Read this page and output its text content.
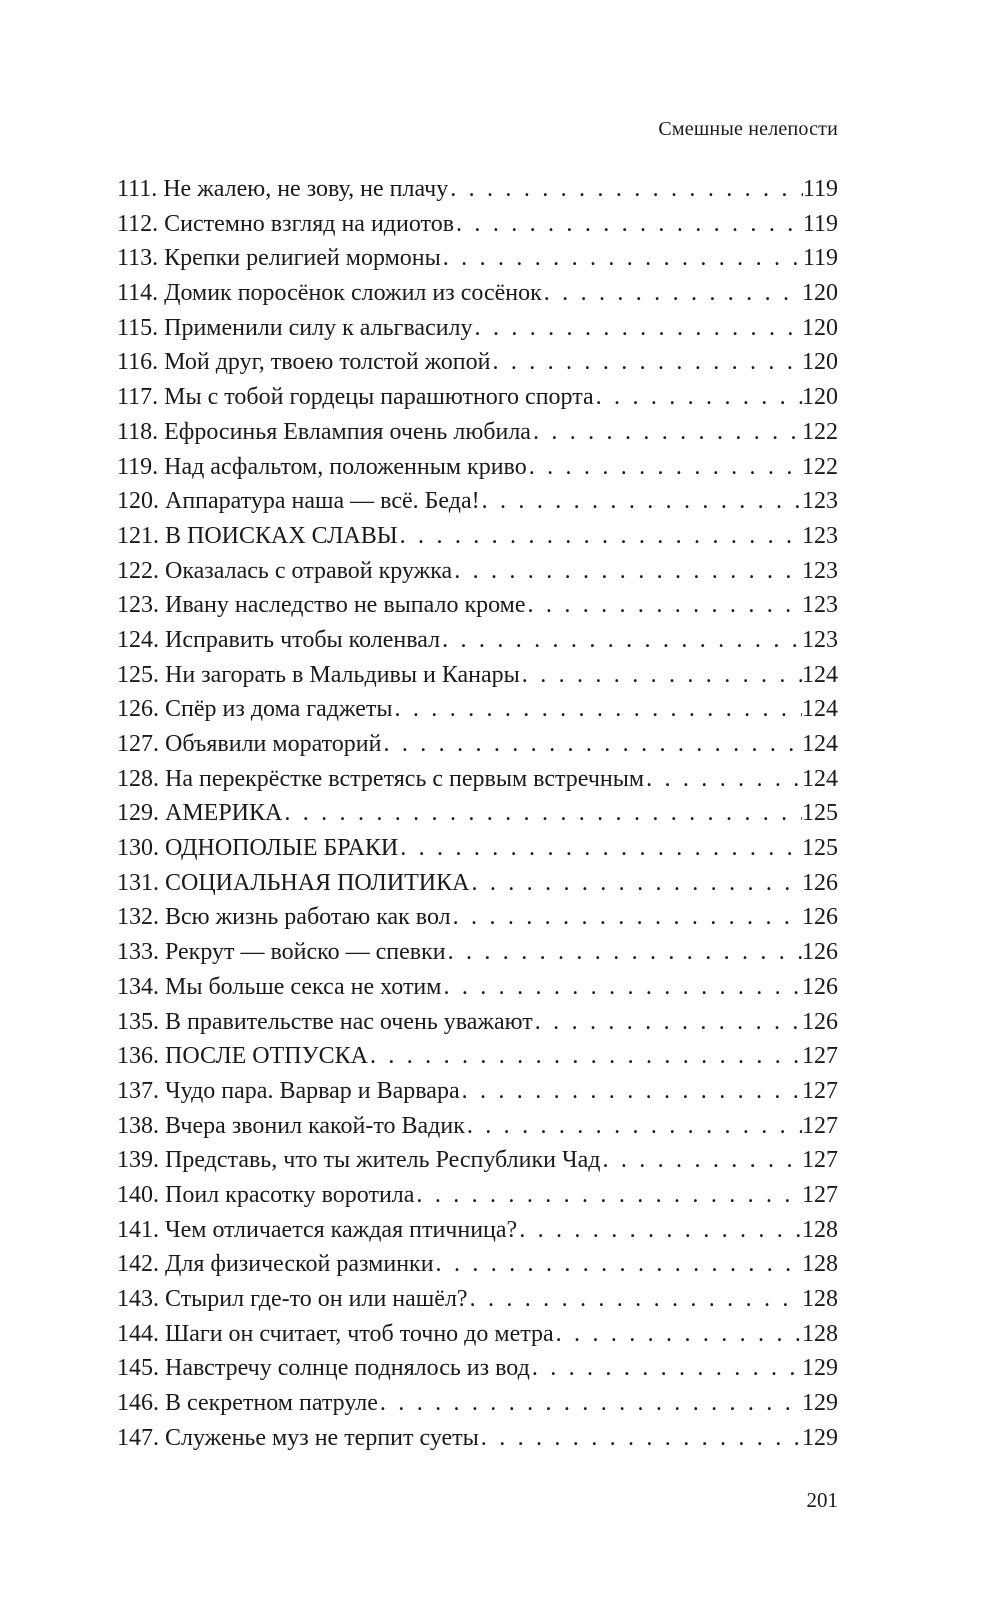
Смешные нелепости
111. Не жалею, не зову, не плачу . . .	119
112. Системно взгляд на идиотов . . .	119
113. Крепки религией мормоны . . .	119
114. Домик поросёнок сложил из сосёнок . . .	120
115. Применили силу к альгвасилу . . .	120
116. Мой друг, твоею толстой жопой . . .	120
117. Мы с тобой гордецы парашютного спорта . . .	120
118. Ефросинья Евлампия очень любила . . .	122
119. Над асфальтом, положенным криво . . .	122
120. Аппаратура наша — всё. Беда! . . .	123
121. В ПОИСКАХ СЛАВЫ . . .	123
122. Оказалась с отравой кружка . . .	123
123. Ивану наследство не выпало кроме . . .	123
124. Исправить чтобы коленвал . . .	123
125. Ни загорать в Мальдивы и Канары . . .	124
126. Спёр из дома гаджеты . . .	124
127. Объявили мораторий . . .	124
128. На перекрёстке встретясь с первым встречным . . .	124
129. АМЕРИКА . . .	125
130. ОДНОПОЛЫЕ БРАКИ . . .	125
131. СОЦИАЛЬНАЯ ПОЛИТИКА . . .	126
132. Всю жизнь работаю как вол . . .	126
133. Рекрут — войско — спевки . . .	126
134. Мы больше секса не хотим . . .	126
135. В правительстве нас очень уважают . . .	126
136. ПОСЛЕ ОТПУСКА . . .	127
137. Чудо пара. Варвар и Варвара . . .	127
138. Вчера звонил какой-то Вадик . . .	127
139. Представь, что ты житель Республики Чад . . .	127
140. Поил красотку воротила . . .	127
141. Чем отличается каждая птичница? . . .	128
142. Для физической разминки . . .	128
143. Стырил где-то он или нашёл? . . .	128
144. Шаги он считает, чтоб точно до метра . . .	128
145. Навстречу солнце поднялось из вод . . .	129
146. В секретном патруле . . .	129
147. Служенье муз не терпит суеты . . .	129
201
